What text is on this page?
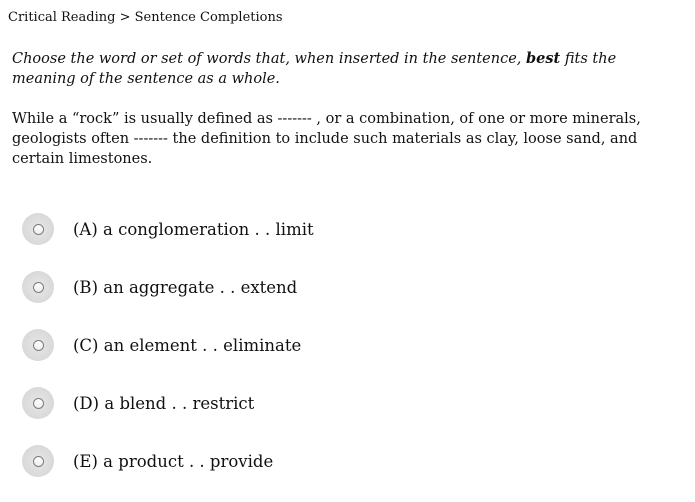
Critical Reading > Sentence Completions
Choose the word or set of words that, when inserted in the sentence, best fits the meaning of the sentence as a whole.
While a “rock” is usually defined as ------- , or a combination, of one or more minerals, geologists often ------- the definition to include such materials as clay, loose sand, and certain limestones.
(A) a conglomeration . . limit
(B) an aggregate . . extend
(C) an element . . eliminate
(D) a blend . . restrict
(E) a product . . provide
